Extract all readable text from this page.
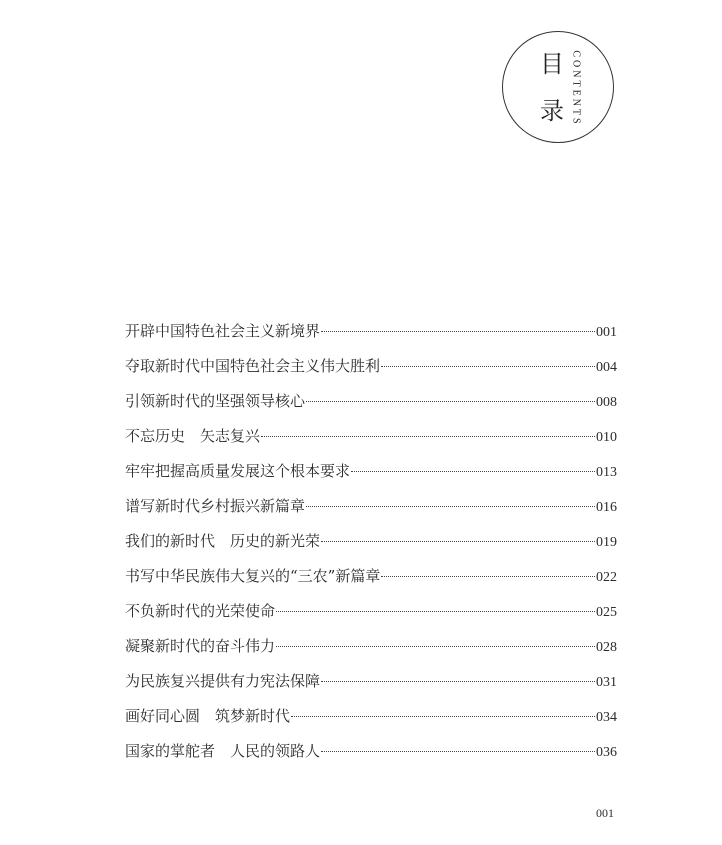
目
录 CONTENTS
开辟中国特色社会主义新境界	001
夺取新时代中国特色社会主义伟大胜利	004
引领新时代的坚强领导核心	008
不忘历史　矢志复兴	010
牢牢把握高质量发展这个根本要求	013
谱写新时代乡村振兴新篇章	016
我们的新时代　历史的新光荣	019
书写中华民族伟大复兴的“三农”新篇章	022
不负新时代的光荣使命	025
凝聚新时代的奋斗伟力	028
为民族复兴提供有力宪法保障	031
画好同心圆　筑梦新时代	034
国家的掌舵者　人民的领路人	036
001
